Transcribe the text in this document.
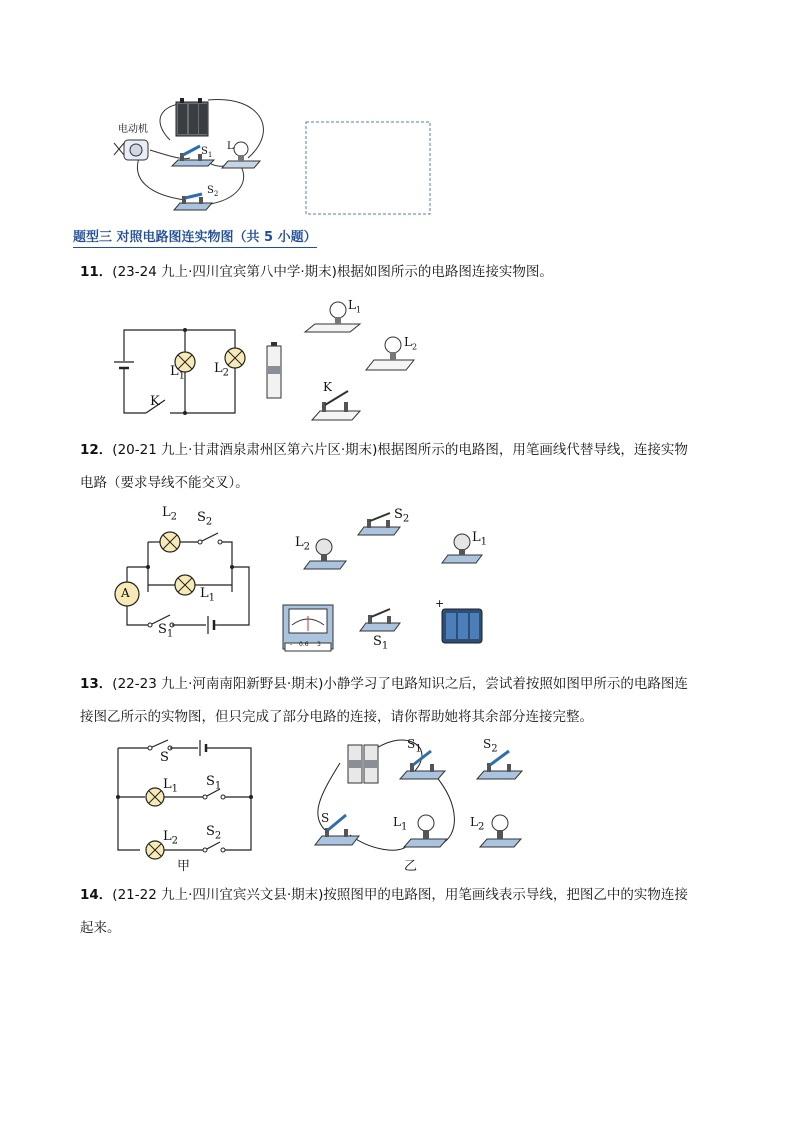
电动机
$S_1$
L
$S_2$
题型三 对照电路图连实物图（共 5 小题）
11．(23-24 九上·四川宜宾第八中学·期末)根据如图所示的电路图连接实物图。
$L_1$
$L_2$
K
$L_1$
$L_2$
K
12．(20-21 九上·甘肃酒泉肃州区第六片区·期末)根据图所示的电路图，用笔画线代替导线，连接实物
电路（要求导线不能交叉）。
$L_2$ $S_2$
$L_1$
A
$S_1$
$L_2$
$S_2$
$L_1$
$S_1$
- 0.6 3
+
13．(22-23 九上·河南南阳新野县·期末)小静学习了电路知识之后，尝试着按照如图甲所示的电路图连
接图乙所示的实物图，但只完成了部分电路的连接，请你帮助她将其余部分连接完整。
S
$L_1$
$S_1$
$L_2$
$S_2$
甲
$S_1$	$S_2$
S	$L_1$	$L_2$
乙
14．(21-22 九上·四川宜宾兴文县·期末)按照图甲的电路图，用笔画线表示导线，把图乙中的实物连接
起来。
